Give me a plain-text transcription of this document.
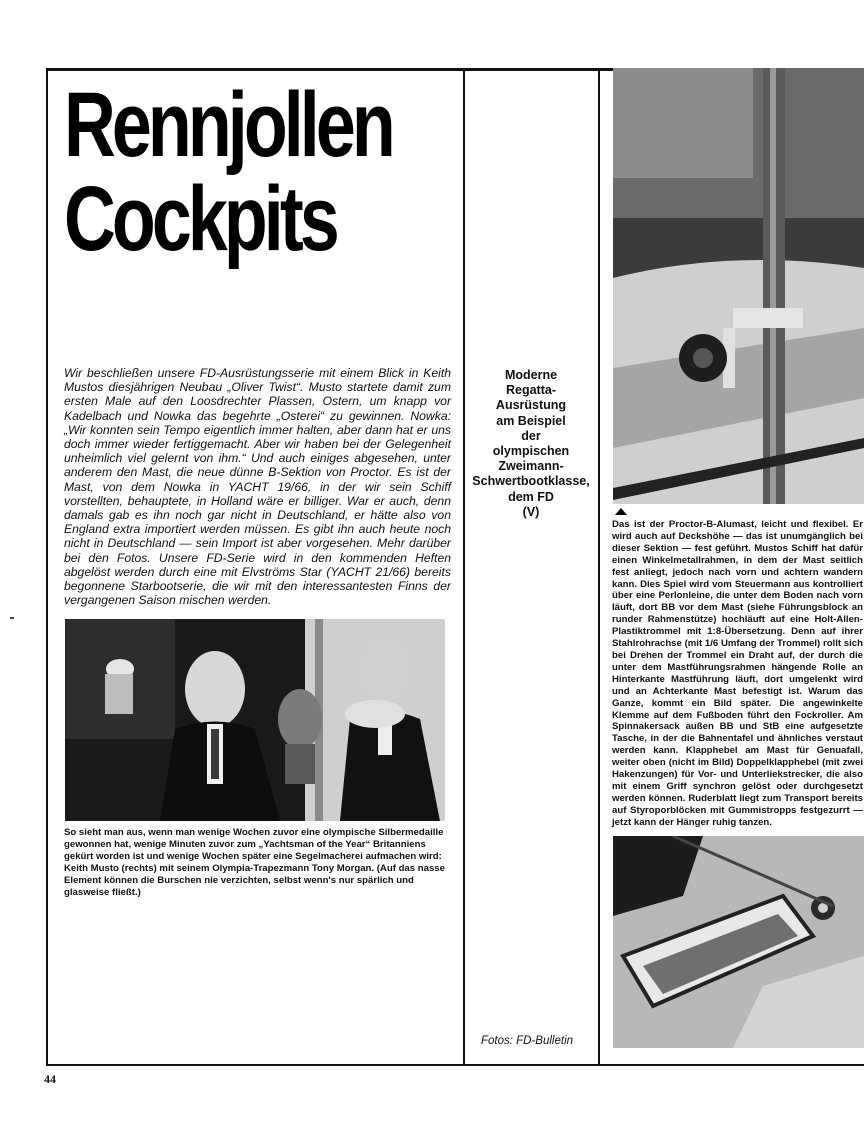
Rennjollen
Cockpits
Wir beschließen unsere FD-Ausrüstungsserie mit einem Blick in Keith Mustos diesjährigen Neubau „Oliver Twist“. Musto startete damit zum ersten Male auf den Loosdrechter Plassen, Ostern, um knapp vor Kadelbach und Nowka das begehrte „Osterei“ zu gewinnen. Nowka: „Wir konnten sein Tempo eigentlich immer halten, aber dann hat er uns doch immer wieder fertiggemacht. Aber wir haben bei der Gelegenheit unheimlich viel gelernt von ihm.“ Und auch einiges abgesehen, unter anderem den Mast, die neue dünne B-Sektion von Proctor. Es ist der Mast, von dem Nowka in YACHT 19/66, in der wir sein Schiff vorstellten, behauptete, in Holland wäre er billiger. War er auch, denn damals gab es ihn noch gar nicht in Deutschland, er hätte also von England extra importiert werden müssen. Es gibt ihn auch heute noch nicht in Deutschland — sein Import ist aber vorgesehen. Mehr darüber bei den Fotos. Unsere FD-Serie wird in den kommenden Heften abgelöst werden durch eine mit Elvströms Star (YACHT 21/66) bereits begonnene Starbootserie, die wir mit den interessantesten Finns der vergangenen Saison mischen werden.
So sieht man aus, wenn man wenige Wochen zuvor eine olympische Silbermedaille gewonnen hat, wenige Minuten zuvor zum „Yachtsman of the Year“ Britanniens gekürt worden ist und wenige Wochen später eine Segelmacherei aufmachen wird: Keith Musto (rechts) mit seinem Olympia-Trapezmann Tony Morgan. (Auf das nasse Element können die Burschen nie verzichten, selbst wenn's nur spärlich und glasweise fließt.)
Moderne
Regatta-
Ausrüstung
am Beispiel
der
olympischen
Zweimann-
Schwertbootklasse,
dem FD
(V)
Fotos: FD-Bulletin
44
Das ist der Proctor-B-Alumast, leicht und flexibel. Er wird auch auf Deckshöhe — das ist unumgänglich bei dieser Sektion — fest geführt. Mustos Schiff hat dafür einen Winkelmetallrahmen, in dem der Mast seitlich fest anliegt, jedoch nach vorn und achtern wandern kann. Dies Spiel wird vom Steuermann aus kontrolliert über eine Perlonleine, die unter dem Boden nach vorn läuft, dort BB vor dem Mast (siehe Führungsblock an runder Rahmenstütze) hochläuft auf eine Holt-Allen-Plastiktrommel mit 1:8-Übersetzung. Denn auf ihrer Stahlrohrachse (mit 1/6 Umfang der Trommel) rollt sich bei Drehen der Trommel ein Draht auf, der durch die unter dem Mastführungsrahmen hängende Rolle an Hinterkante Mastführung läuft, dort umgelenkt wird und an Achterkante Mast befestigt ist. Warum das Ganze, kommt ein Bild später. Die angewinkelte Klemme auf dem Fußboden führt den Fockroller. Am Spinnakersack außen BB und StB eine aufgesetzte Tasche, in der die Bahnentafel und ähnliches verstaut werden kann. Klapphebel am Mast für Genuafall, weiter oben (nicht im Bild) Doppelklapphebel (mit zwei Hakenzungen) für Vor- und Unterliekstrecker, die also mit einem Griff synchron gelöst oder durchgesetzt werden können. Ruderblatt liegt zum Transport bereits auf Styroporblöcken mit Gummistropps festgezurrt — jetzt kann der Hänger ruhig tanzen.
